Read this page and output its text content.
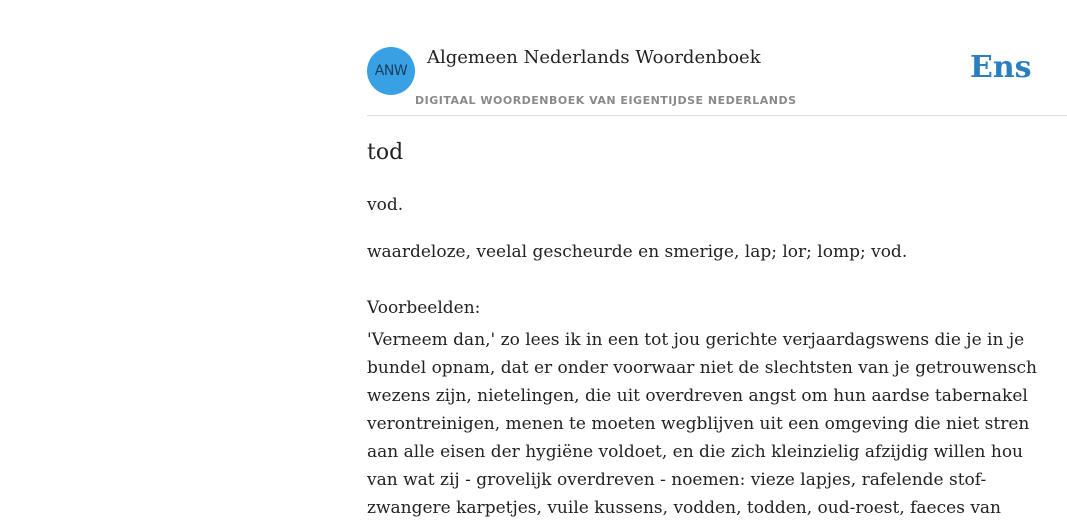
ANW
Algemeen Nederlands Woordenboek
DIGITAAL WOORDENBOEK VAN EIGENTIJDSE NEDERLANDS
Ens
tod
vod.
waardeloze, veelal gescheurde en smerige, lap; lor; lomp; vod.
Voorbeelden:
'Verneem dan,' zo lees ik in een tot jou gerichte verjaardagswens die je in je
bundel opnam, dat er onder voorwaar niet de slechtsten van je getrouwensch
wezens zijn, nietelingen, die uit overdreven angst om hun aardse tabernakel
verontreinigen, menen te moeten wegblijven uit een omgeving die niet stren
aan alle eisen der hygiëne voldoet, en die zich kleinzielig afzijdig willen hou
van wat zij - grovelijk overdreven - noemen: vieze lapjes, rafelende stof-
zwangere karpetjes, vuile kussens, vodden, todden, oud-roest, faeces van
